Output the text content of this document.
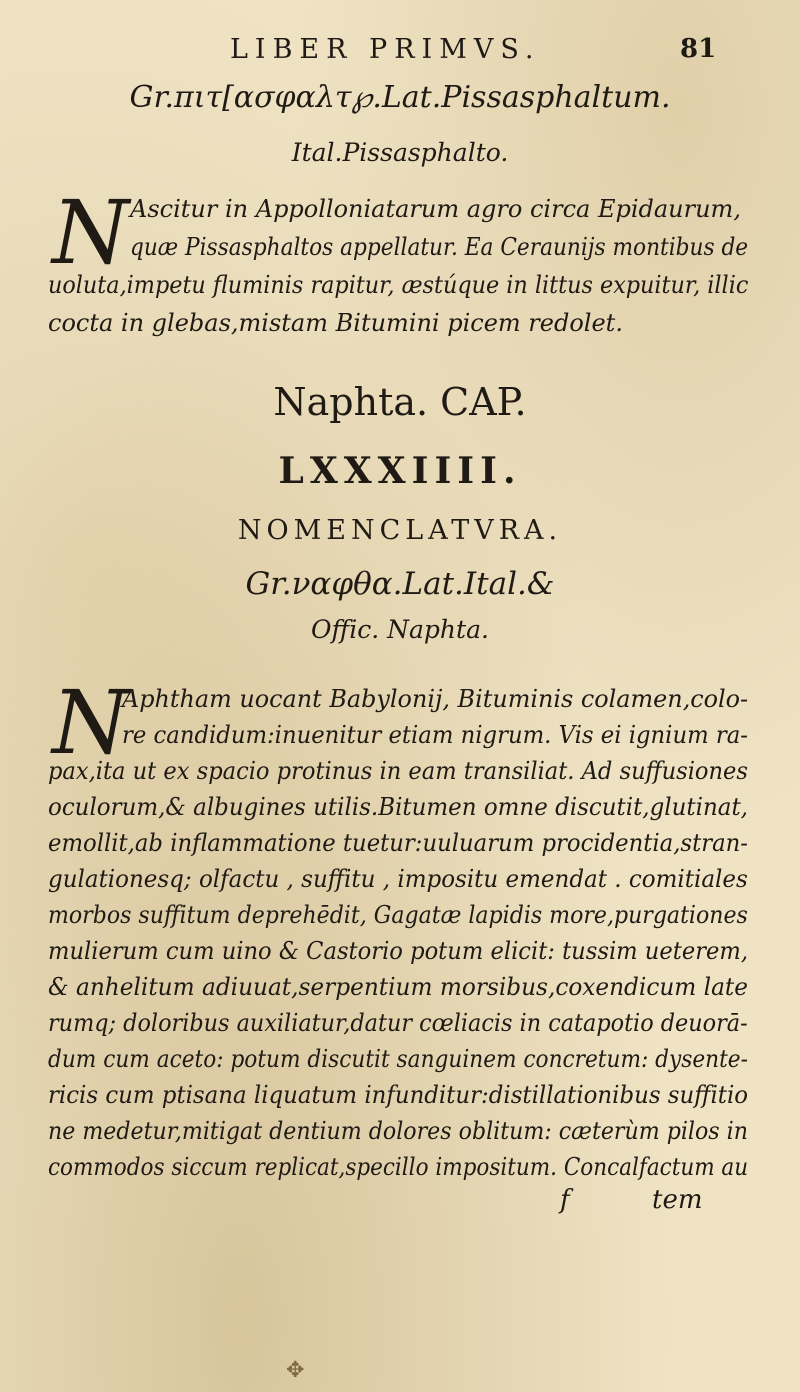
LIBER PRIMVS.	81
Gr.πιτ[ασφαλτ℘.Lat.Pissasphaltum.
Ital.Pissasphalto.
N Ascitur in Appolloniatarum agro circa Epidaurum,
quæ Pissasphaltos appellatur. Ea Ceraunijs montibus de
uoluta,impetu fluminis rapitur, æstúque in littus expuitur, illic
cocta in glebas,mistam Bitumini picem redolet.
Naphta. CAP.
LXXXIIII.
NOMENCLATVRA.
Gr.ναφθα.Lat.Ital.&
Offic. Naphta.
N
Aphtham uocant Babylonij, Bituminis colamen,colo-
re candidum:inuenitur etiam nigrum. Vis ei ignium ra-
pax,ita ut ex spacio protinus in eam transiliat. Ad suffusiones
oculorum,& albugines utilis.Bitumen omne discutit,glutinat,
emollit,ab inflammatione tuetur:uuluarum procidentia,stran-
gulationesq; olfactu , suffitu , impositu emendat . comitiales
morbos suffitum deprehēdit, Gagatæ lapidis more,purgationes
mulierum cum uino & Castorio potum elicit: tussim ueterem,
& anhelitum adiuuat,serpentium morsibus,coxendicum late
rumq; doloribus auxiliatur,datur cœliacis in catapotio deuorā-
dum cum aceto: potum discutit sanguinem concretum: dysente-
ricis cum ptisana liquatum infunditur:distillationibus suffitio
ne medetur,mitigat dentium dolores oblitum: cæterùm pilos in
commodos siccum replicat,specillo impositum. Concalfactum au
f	tem
✥
